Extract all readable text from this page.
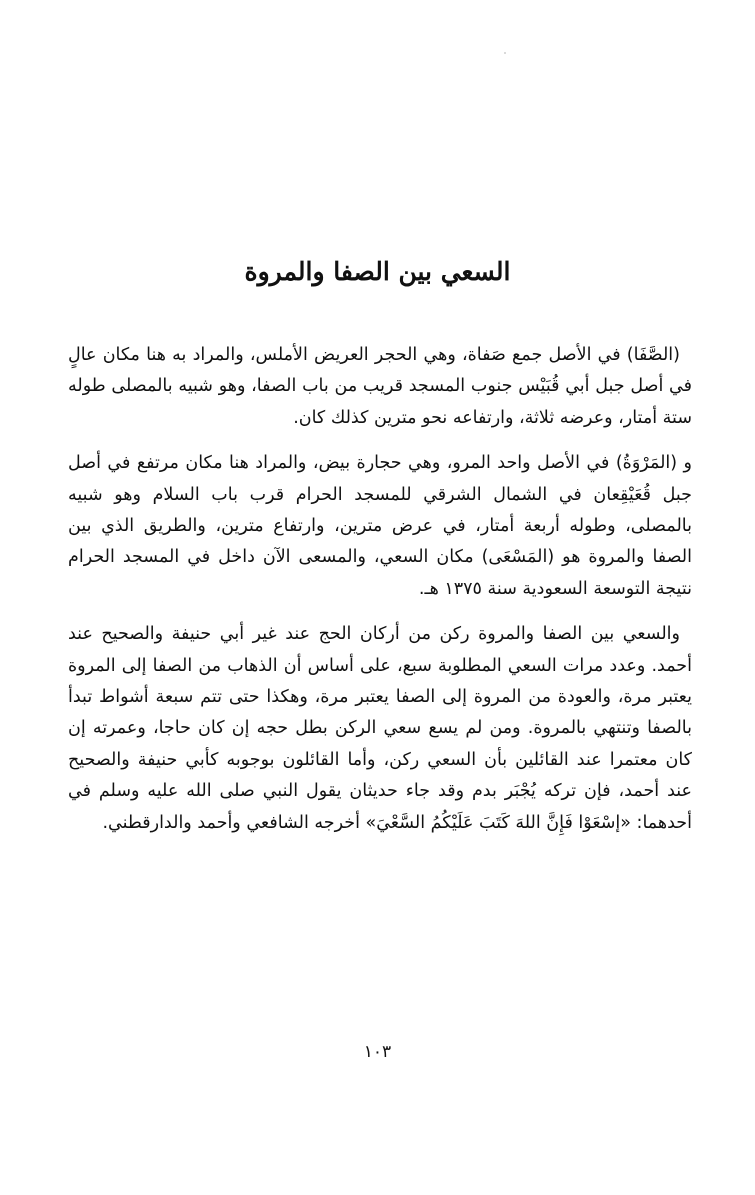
السعي بين الصفا والمروة

(الصَّفَا) في الأصل جمع صَفاة، وهي الحجر العريض الأملس، والمراد به هنا مكان عالٍ في أصل جبل أبي قُبَيْس جنوب المسجد قريب من باب الصفا، وهو شبيه بالمصلى طوله ستة أمتار، وعرضه ثلاثة، وارتفاعه نحو مترين كذلك كان.

و (المَرْوَةُ) في الأصل واحد المرو، وهي حجارة بيض، والمراد هنا مكان مرتفع في أصل جبل قُعَيْقِعان في الشمال الشرقي للمسجد الحرام قرب باب السلام وهو شبيه بالمصلى، وطوله أربعة أمتار، في عرض مترين، وارتفاع مترين، والطريق الذي بين الصفا والمروة هو (المَسْعَى) مكان السعي، والمسعى الآن داخل في المسجد الحرام نتيجة التوسعة السعودية سنة ١٣٧٥ هـ.

والسعي بين الصفا والمروة ركن من أركان الحج عند غير أبي حنيفة والصحيح عند أحمد. وعدد مرات السعي المطلوبة سبع، على أساس أن الذهاب من الصفا إلى المروة يعتبر مرة، والعودة من المروة إلى الصفا يعتبر مرة، وهكذا حتى تتم سبعة أشواط تبدأ بالصفا وتنتهي بالمروة. ومن لم يسع سعي الركن بطل حجه إن كان حاجا، وعمرته إن كان معتمرا عند القائلين بأن السعي ركن، وأما القائلون بوجوبه كأبي حنيفة والصحيح عند أحمد، فإن تركه يُجْبَر بدم وقد جاء حديثان يقول النبي صلى الله عليه وسلم في أحدهما: «إسْعَوْا فَإِنَّ اللهَ كَتَبَ عَلَيْكُمُ السَّعْيَ» أخرجه الشافعي وأحمد والدارقطني.

١٠٣
